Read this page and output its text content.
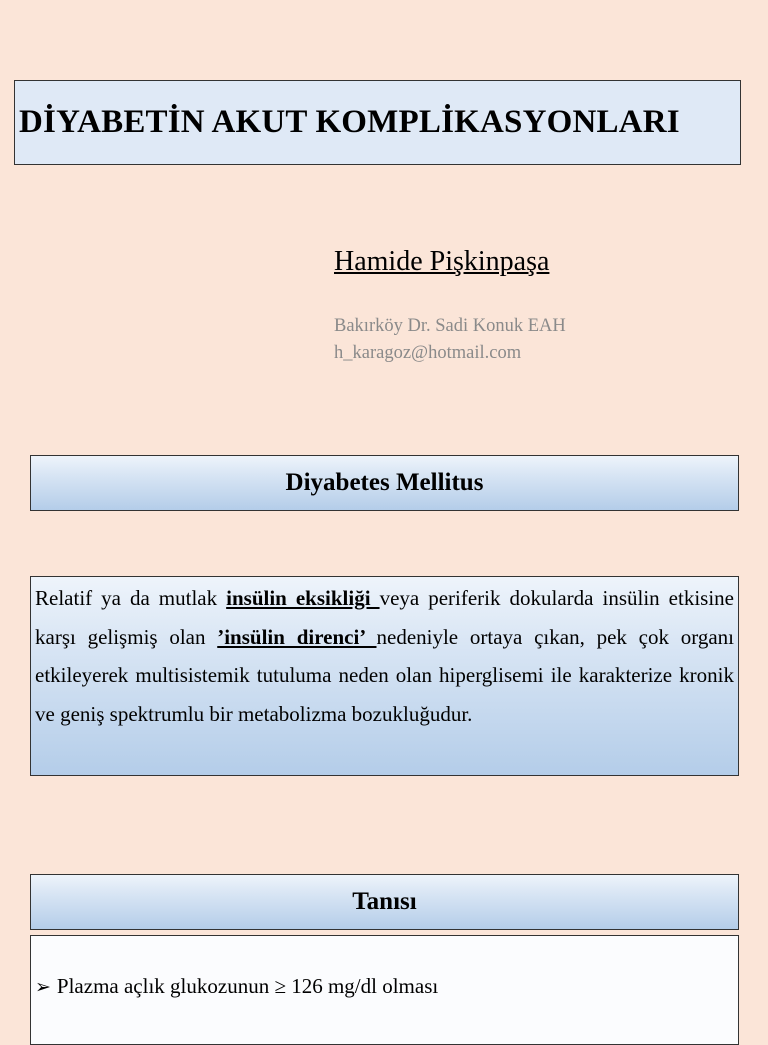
DİYABETİN AKUT KOMPLİKASYONLARI
Hamide Pişkinpaşa
Bakırköy Dr. Sadi Konuk EAH
h_karagoz@hotmail.com
Diyabetes Mellitus
Relatif ya da mutlak insülin eksikliği veya periferik dokularda insülin etkisine karşı gelişmiş olan ’insülin direnci’ nedeniyle ortaya çıkan, pek çok organı etkileyerek multisistemik tutuluma neden olan hiperglisemi ile karakterize kronik ve geniş spektrumlu bir metabolizma bozukluğudur.
Tanısı
➢ Plazma açlık glukozunun ≥ 126 mg/dl olması
